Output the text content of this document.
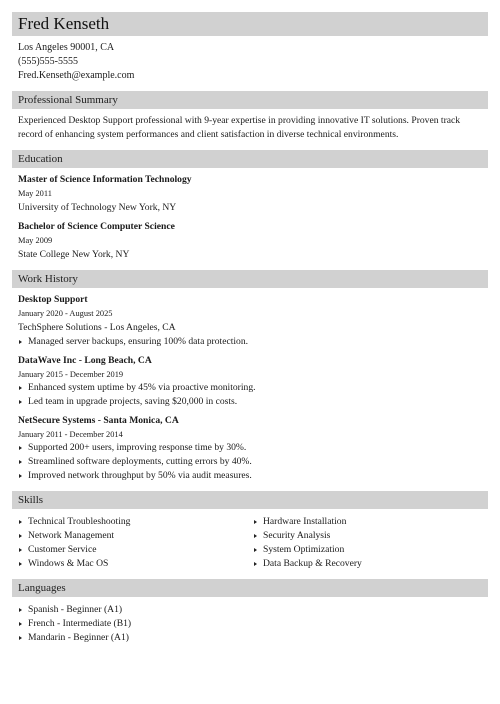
Fred Kenseth
Los Angeles 90001, CA
(555)555-5555
Fred.Kenseth@example.com
Professional Summary
Experienced Desktop Support professional with 9-year expertise in providing innovative IT solutions. Proven track record of enhancing system performances and client satisfaction in diverse technical environments.
Education
Master of Science Information Technology
May 2011
University of Technology New York, NY
Bachelor of Science Computer Science
May 2009
State College New York, NY
Work History
Desktop Support
January 2020 - August 2025
TechSphere Solutions - Los Angeles, CA
Managed server backups, ensuring 100% data protection.
DataWave Inc - Long Beach, CA
January 2015 - December 2019
Enhanced system uptime by 45% via proactive monitoring.
Led team in upgrade projects, saving $20,000 in costs.
NetSecure Systems - Santa Monica, CA
January 2011 - December 2014
Supported 200+ users, improving response time by 30%.
Streamlined software deployments, cutting errors by 40%.
Improved network throughput by 50% via audit measures.
Skills
Technical Troubleshooting
Network Management
Customer Service
Windows & Mac OS
Hardware Installation
Security Analysis
System Optimization
Data Backup & Recovery
Languages
Spanish - Beginner (A1)
French - Intermediate (B1)
Mandarin - Beginner (A1)
